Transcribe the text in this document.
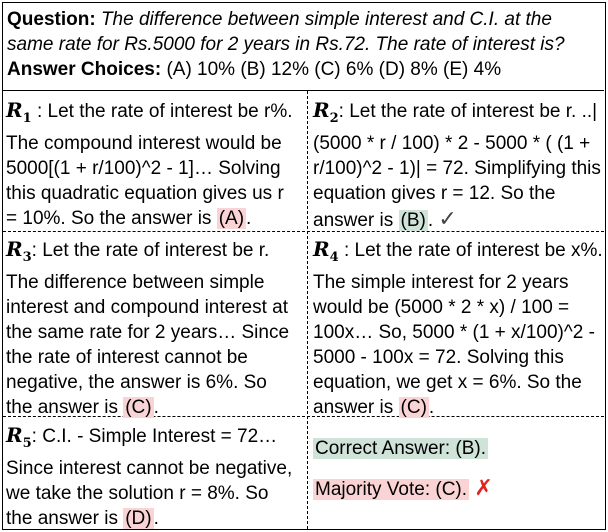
Question: The difference between simple interest and C.I. at the same rate for Rs.5000 for 2 years in Rs.72. The rate of interest is?
Answer Choices: (A) 10% (B) 12% (C) 6% (D) 8% (E) 4%
$R_1$ : Let the rate of interest be r%. The compound interest would be 5000[(1 + r/100)^2 - 1]… Solving this quadratic equation gives us r = 10%. So the answer is (A) .
$R_2$: Let the rate of interest be r. ..|(5000 * r / 100) * 2 - 5000 * ( (1 + r/100)^2 - 1)| = 72. Simplifying this equation gives r = 12. So the answer is (B) . ✓
$R_3$: Let the rate of interest be r. The difference between simple interest and compound interest at the same rate for 2 years… Since the rate of interest cannot be negative, the answer is 6%. So the answer is (C) .
$R_4$ : Let the rate of interest be x%. The simple interest for 2 years would be (5000 * 2 * x) / 100 = 100x… So, 5000 * (1 + x/100)^2 - 5000 - 100x = 72. Solving this equation, we get x = 6%. So the answer is (C) .
$R_5$: C.I. - Simple Interest = 72… Since interest cannot be negative, we take the solution r = 8%. So the answer is (D) .
Correct Answer: (B).
Majority Vote: (C). ✗
